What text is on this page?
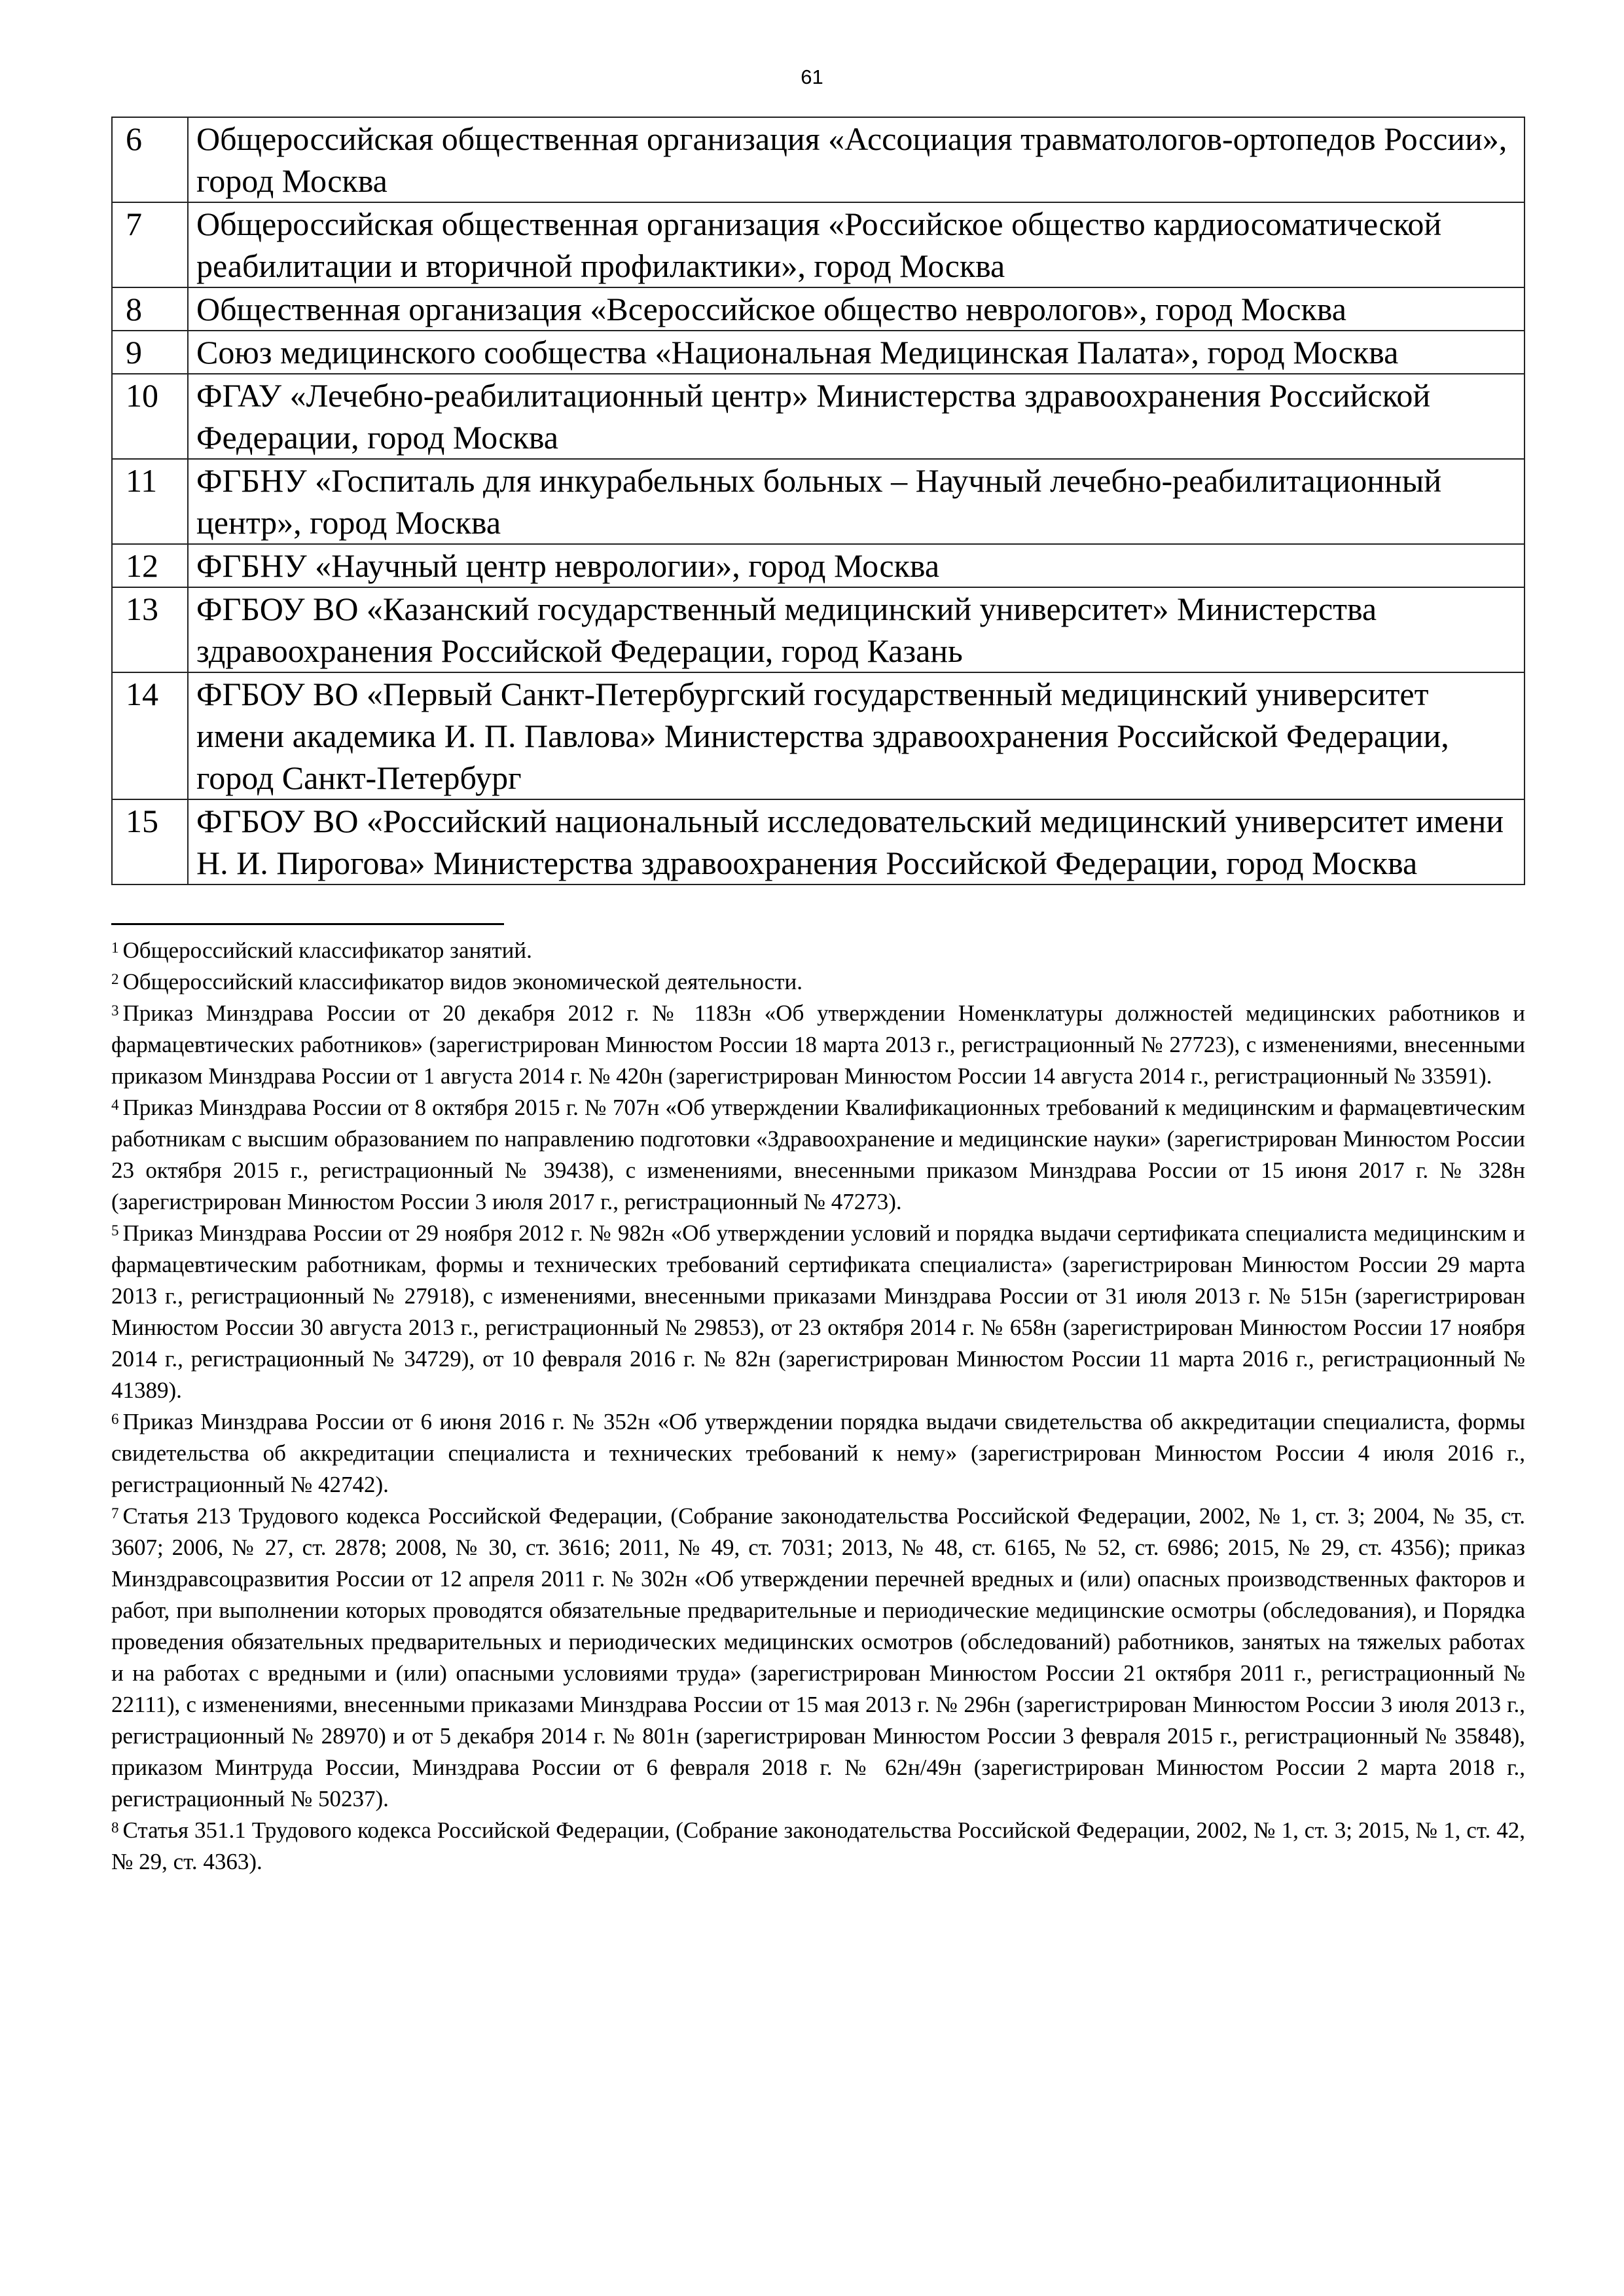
61
6	Общероссийская общественная организация «Ассоциация травматологов-ортопедов России», город Москва
7	Общероссийская общественная организация «Российское общество кардиосоматической реабилитации и вторичной профилактики», город Москва
8	Общественная организация «Всероссийское общество неврологов», город Москва
9	Союз медицинского сообщества «Национальная Медицинская Палата», город Москва
10	ФГАУ «Лечебно-реабилитационный центр» Министерства здравоохранения Российской Федерации, город Москва
11	ФГБНУ «Госпиталь для инкурабельных больных – Научный лечебно-реабилитационный центр», город Москва
12	ФГБНУ «Научный центр неврологии», город Москва
13	ФГБОУ ВО «Казанский государственный медицинский университет» Министерства здравоохранения Российской Федерации, город Казань
14	ФГБОУ ВО «Первый Санкт-Петербургский государственный медицинский университет имени академика И. П. Павлова» Министерства здравоохранения Российской Федерации, город Санкт-Петербург
15	ФГБОУ ВО «Российский национальный исследовательский медицинский университет имени Н. И. Пирогова» Министерства здравоохранения Российской Федерации, город Москва

$^1$ Общероссийский классификатор занятий.

$^2$ Общероссийский классификатор видов экономической деятельности.

$^3$ Приказ Минздрава России от 20 декабря 2012 г. № 1183н «Об утверждении Номенклатуры должностей медицинских работников и фармацевтических работников» (зарегистрирован Минюстом России 18 марта 2013 г., регистрационный № 27723), с изменениями, внесенными приказом Минздрава России от 1 августа 2014 г. № 420н (зарегистрирован Минюстом России 14 августа 2014 г., регистрационный № 33591).

$^4$ Приказ Минздрава России от 8 октября 2015 г. № 707н «Об утверждении Квалификационных требований к медицинским и фармацевтическим работникам с высшим образованием по направлению подготовки «Здравоохранение и медицинские науки» (зарегистрирован Минюстом России 23 октября 2015 г., регистрационный № 39438), с изменениями, внесенными приказом Минздрава России от 15 июня 2017 г. № 328н (зарегистрирован Минюстом России 3 июля 2017 г., регистрационный № 47273).

$^5$ Приказ Минздрава России от 29 ноября 2012 г. № 982н «Об утверждении условий и порядка выдачи сертификата специалиста медицинским и фармацевтическим работникам, формы и технических требований сертификата специалиста» (зарегистрирован Минюстом России 29 марта 2013 г., регистрационный № 27918), с изменениями, внесенными приказами Минздрава России от 31 июля 2013 г. № 515н (зарегистрирован Минюстом России 30 августа 2013 г., регистрационный № 29853), от 23 октября 2014 г. № 658н (зарегистрирован Минюстом России 17 ноября 2014 г., регистрационный № 34729), от 10 февраля 2016 г. № 82н (зарегистрирован Минюстом России 11 марта 2016 г., регистрационный № 41389).

$^6$ Приказ Минздрава России от 6 июня 2016 г. № 352н «Об утверждении порядка выдачи свидетельства об аккредитации специалиста, формы свидетельства об аккредитации специалиста и технических требований к нему» (зарегистрирован Минюстом России 4 июля 2016 г., регистрационный № 42742).

$^7$ Статья 213 Трудового кодекса Российской Федерации, (Собрание законодательства Российской Федерации, 2002, № 1, ст. 3; 2004, № 35, ст. 3607; 2006, № 27, ст. 2878; 2008, № 30, ст. 3616; 2011, № 49, ст. 7031; 2013, № 48, ст. 6165, № 52, ст. 6986; 2015, № 29, ст. 4356); приказ Минздравсоцразвития России от 12 апреля 2011 г. № 302н «Об утверждении перечней вредных и (или) опасных производственных факторов и работ, при выполнении которых проводятся обязательные предварительные и периодические медицинские осмотры (обследования), и Порядка проведения обязательных предварительных и периодических медицинских осмотров (обследований) работников, занятых на тяжелых работах и на работах с вредными и (или) опасными условиями труда» (зарегистрирован Минюстом России 21 октября 2011 г., регистрационный № 22111), с изменениями, внесенными приказами Минздрава России от 15 мая 2013 г. № 296н (зарегистрирован Минюстом России 3 июля 2013 г., регистрационный № 28970) и от 5 декабря 2014 г. № 801н (зарегистрирован Минюстом России 3 февраля 2015 г., регистрационный № 35848), приказом Минтруда России, Минздрава России от 6 февраля 2018 г. № 62н/49н (зарегистрирован Минюстом России 2 марта 2018 г., регистрационный № 50237).

$^8$ Статья 351.1 Трудового кодекса Российской Федерации, (Собрание законодательства Российской Федерации, 2002, № 1, ст. 3; 2015, № 1, ст. 42, № 29, ст. 4363).
